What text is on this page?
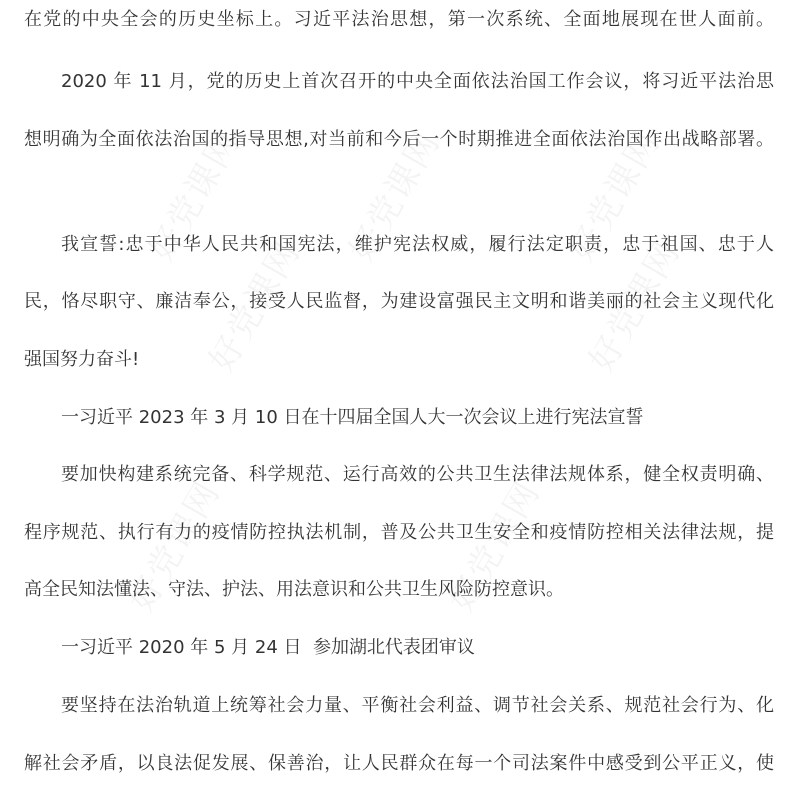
在党的中央全会的历史坐标上。习近平法治思想，第一次系统、全面地展现在世人面前。
2020 年 11 月，党的历史上首次召开的中央全面依法治国工作会议，将习近平法治思
想明确为全面依法治国的指导思想,对当前和今后一个时期推进全面依法治国作出战略部署。
我宣誓:忠于中华人民共和国宪法，维护宪法权威，履行法定职责，忠于祖国、忠于人
民，恪尽职守、廉洁奉公，接受人民监督，为建设富强民主文明和谐美丽的社会主义现代化
强国努力奋斗!
一习近平 2023 年 3 月 10 日在十四届全国人大一次会议上进行宪法宣誓
要加快构建系统完备、科学规范、运行高效的公共卫生法律法规体系，健全权责明确、
程序规范、执行有力的疫情防控执法机制，普及公共卫生安全和疫情防控相关法律法规，提
高全民知法懂法、守法、护法、用法意识和公共卫生风险防控意识。
一习近平 2020 年 5 月 24 日  参加湖北代表团审议
要坚持在法治轨道上统筹社会力量、平衡社会利益、调节社会关系、规范社会行为、化
解社会矛盾，以良法促发展、保善治，让人民群众在每一个司法案件中感受到公平正义，使
